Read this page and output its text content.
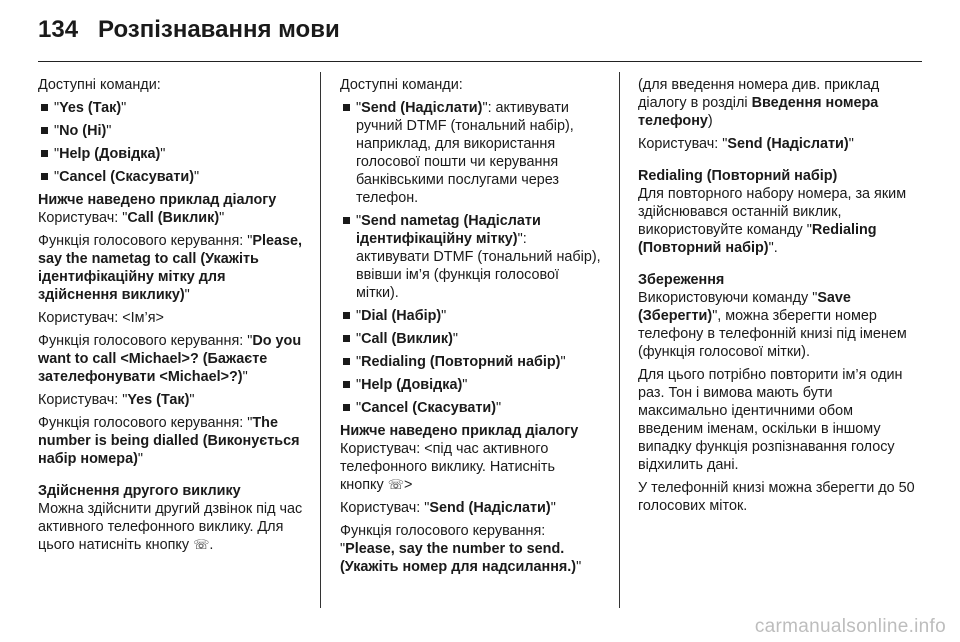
134 Розпізнавання мови

Доступні команди:

"Yes (Так)"
"No (Ні)"
"Help (Довідка)"
"Cancel (Скасувати)"

Нижче наведено приклад діалогу

Користувач: "Call (Виклик)"

Функція голосового керування: "Please, say the nametag to call (Укажіть ідентифікаційну мітку для здійснення виклику)"

Користувач: <Ім’я>

Функція голосового керування: "Do you want to call <Michael>? (Бажаєте зателефонувати <Michael>?)"

Користувач: "Yes (Так)"

Функція голосового керування: "The number is being dialled (Виконується набір номера)"

Здійснення другого виклику

Можна здійснити другий дзвінок під час активного телефонного виклику. Для цього натисніть кнопку ☏.

Доступні команди:

"Send (Надіслати)": активувати ручний DTMF (тональний набір), наприклад, для використання голосової пошти чи керування банківськими послугами через телефон.
"Send nametag (Надіслати ідентифікаційну мітку)": активувати DTMF (тональний набір), ввівши ім’я (функція голосової мітки).
"Dial (Набір)"
"Call (Виклик)"
"Redialing (Повторний набір)"
"Help (Довідка)"
"Cancel (Скасувати)"

Нижче наведено приклад діалогу

Користувач: <під час активного телефонного виклику. Натисніть кнопку ☏>

Користувач: "Send (Надіслати)"

Функція голосового керування: "Please, say the number to send. (Укажіть номер для надсилання.)"

(для введення номера див. приклад діалогу в розділі Введення номера телефону)

Користувач: "Send (Надіслати)"

Redialing (Повторний набір)

Для повторного набору номера, за яким здійснювався останній виклик, використовуйте команду "Redialing (Повторний набір)".

Збереження

Використовуючи команду "Save (Зберегти)", можна зберегти номер телефону в телефонній книзі під іменем (функція голосової мітки).

Для цього потрібно повторити ім’я один раз. Тон і вимова мають бути максимально ідентичними обом введеним іменам, оскільки в іншому випадку функція розпізнавання голосу відхилить дані.

У телефонній книзі можна зберегти до 50 голосових міток.

carmanualsonline.info
